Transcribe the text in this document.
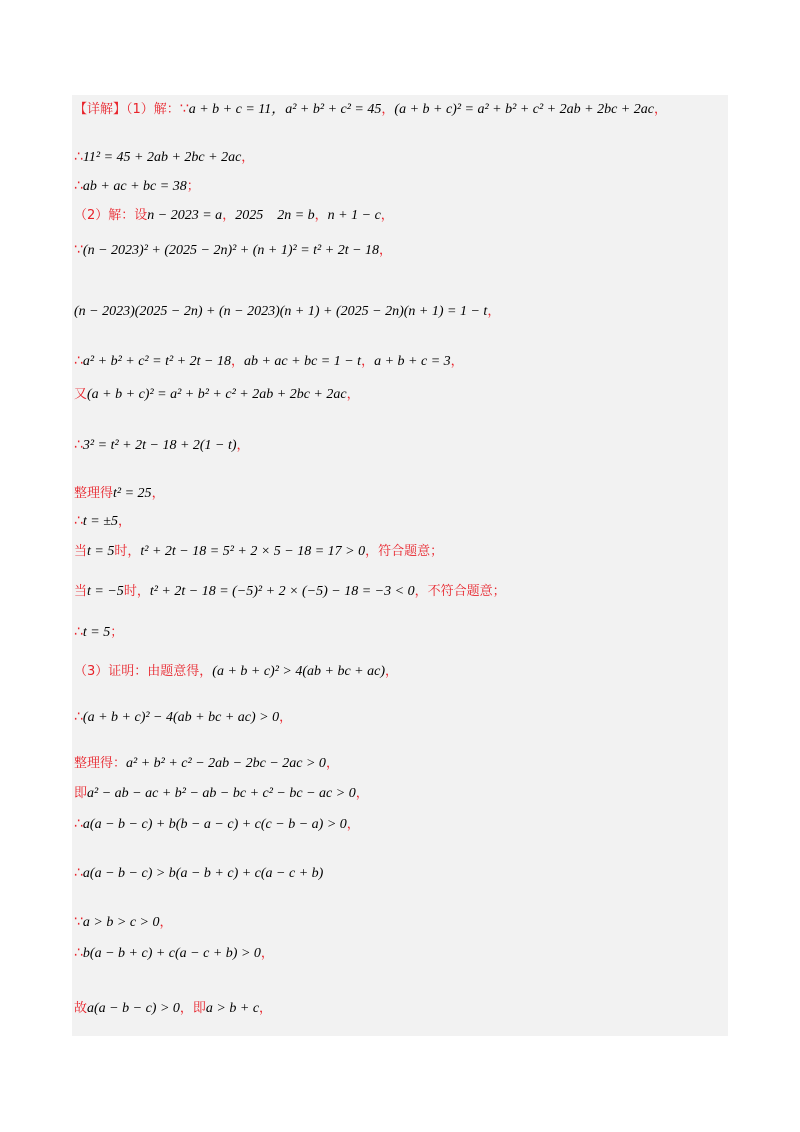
【详解】（1）解：∵a + b + c = 11，a² + b² + c² = 45，(a + b + c)² = a² + b² + c² + 2ab + 2bc + 2ac，
∴11² = 45 + 2ab + 2bc + 2ac，
∴ab + ac + bc = 38；
（2）解：设n − 2023 = a，2025　2n = b，n + 1 − c，
∵(n − 2023)² + (2025 − 2n)² + (n + 1)² = t² + 2t − 18，
(n − 2023)(2025 − 2n) + (n − 2023)(n + 1) + (2025 − 2n)(n + 1) = 1 − t，
∴a² + b² + c² = t² + 2t − 18，ab + ac + bc = 1 − t，a + b + c = 3，
又(a + b + c)² = a² + b² + c² + 2ab + 2bc + 2ac，
∴3² = t² + 2t − 18 + 2(1 − t)，
整理得t² = 25，
∴t = ±5，
当t = 5时，t² + 2t − 18 = 5² + 2 × 5 − 18 = 17 > 0，符合题意；
当t = −5时，t² + 2t − 18 = (−5)² + 2 × (−5) − 18 = −3 < 0，不符合题意；
∴t = 5；
（3）证明：由题意得，(a + b + c)² > 4(ab + bc + ac)，
∴(a + b + c)² − 4(ab + bc + ac) > 0，
整理得：a² + b² + c² − 2ab − 2bc − 2ac > 0，
即a² − ab − ac + b² − ab − bc + c² − bc − ac > 0，
∴a(a − b − c) + b(b − a − c) + c(c − b − a) > 0，
∴a(a − b − c) > b(a − b + c) + c(a − c + b)
∵a > b > c > 0，
∴b(a − b + c) + c(a − c + b) > 0，
故a(a − b − c) > 0，即a > b + c，
